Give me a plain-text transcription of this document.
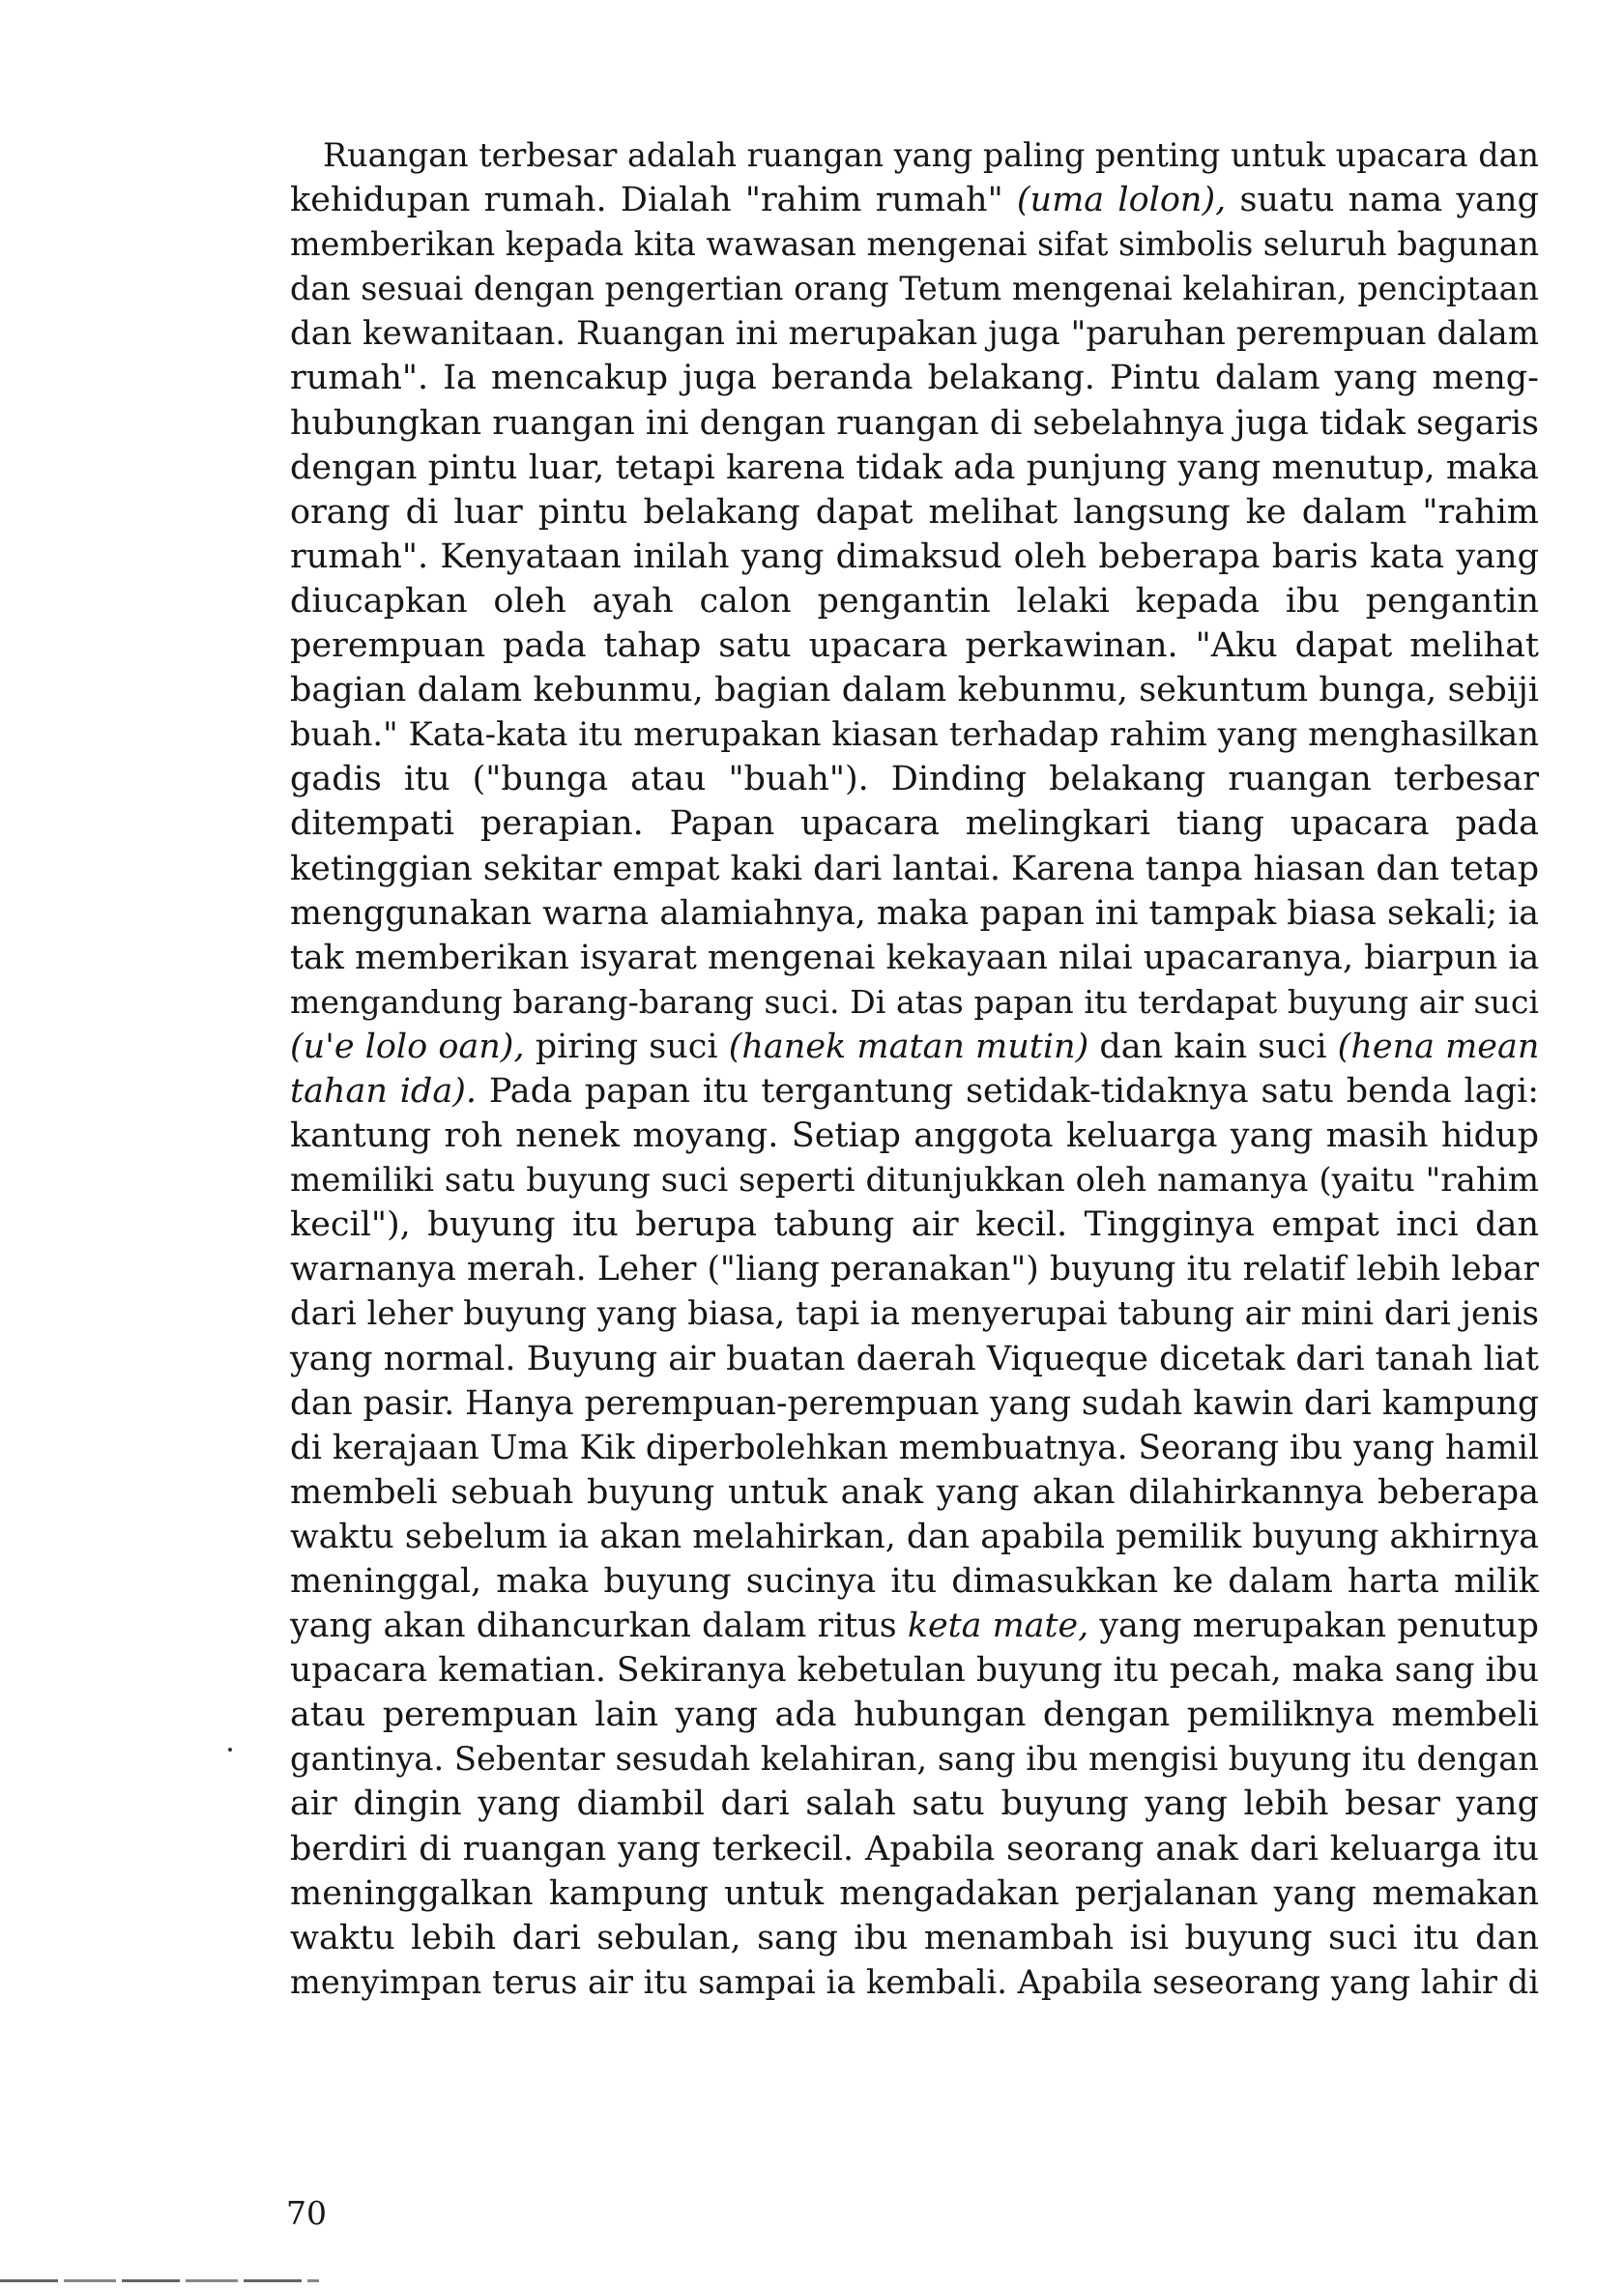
Ruangan terbesar adalah ruangan yang paling penting untuk upacara dan
kehidupan rumah. Dialah "rahim rumah" (uma lolon), suatu nama yang
memberikan kepada kita wawasan mengenai sifat simbolis seluruh bagunan
dan sesuai dengan pengertian orang Tetum mengenai kelahiran, penciptaan
dan kewanitaan. Ruangan ini merupakan juga "paruhan perempuan dalam
rumah". Ia mencakup juga beranda belakang. Pintu dalam yang meng-
hubungkan ruangan ini dengan ruangan di sebelahnya juga tidak segaris
dengan pintu luar, tetapi karena tidak ada punjung yang menutup, maka
orang di luar pintu belakang dapat melihat langsung ke dalam "rahim
rumah". Kenyataan inilah yang dimaksud oleh beberapa baris kata yang
diucapkan oleh ayah calon pengantin lelaki kepada ibu pengantin
perempuan pada tahap satu upacara perkawinan. "Aku dapat melihat
bagian dalam kebunmu, bagian dalam kebunmu, sekuntum bunga, sebiji
buah." Kata-kata itu merupakan kiasan terhadap rahim yang menghasilkan
gadis itu ("bunga atau "buah"). Dinding belakang ruangan terbesar
ditempati perapian. Papan upacara melingkari tiang upacara pada
ketinggian sekitar empat kaki dari lantai. Karena tanpa hiasan dan tetap
menggunakan warna alamiahnya, maka papan ini tampak biasa sekali; ia
tak memberikan isyarat mengenai kekayaan nilai upacaranya, biarpun ia
mengandung barang-barang suci. Di atas papan itu terdapat buyung air suci
(u'e lolo oan), piring suci (hanek matan mutin) dan kain suci (hena mean
tahan ida). Pada papan itu tergantung setidak-tidaknya satu benda lagi:
kantung roh nenek moyang. Setiap anggota keluarga yang masih hidup
memiliki satu buyung suci seperti ditunjukkan oleh namanya (yaitu "rahim
kecil"), buyung itu berupa tabung air kecil. Tingginya empat inci dan
warnanya merah. Leher ("liang peranakan") buyung itu relatif lebih lebar
dari leher buyung yang biasa, tapi ia menyerupai tabung air mini dari jenis
yang normal. Buyung air buatan daerah Viqueque dicetak dari tanah liat
dan pasir. Hanya perempuan-perempuan yang sudah kawin dari kampung
di kerajaan Uma Kik diperbolehkan membuatnya. Seorang ibu yang hamil
membeli sebuah buyung untuk anak yang akan dilahirkannya beberapa
waktu sebelum ia akan melahirkan, dan apabila pemilik buyung akhirnya
meninggal, maka buyung sucinya itu dimasukkan ke dalam harta milik
yang akan dihancurkan dalam ritus keta mate, yang merupakan penutup
upacara kematian. Sekiranya kebetulan buyung itu pecah, maka sang ibu
atau perempuan lain yang ada hubungan dengan pemiliknya membeli
gantinya. Sebentar sesudah kelahiran, sang ibu mengisi buyung itu dengan
air dingin yang diambil dari salah satu buyung yang lebih besar yang
berdiri di ruangan yang terkecil. Apabila seorang anak dari keluarga itu
meninggalkan kampung untuk mengadakan perjalanan yang memakan
waktu lebih dari sebulan, sang ibu menambah isi buyung suci itu dan
menyimpan terus air itu sampai ia kembali. Apabila seseorang yang lahir di
70
